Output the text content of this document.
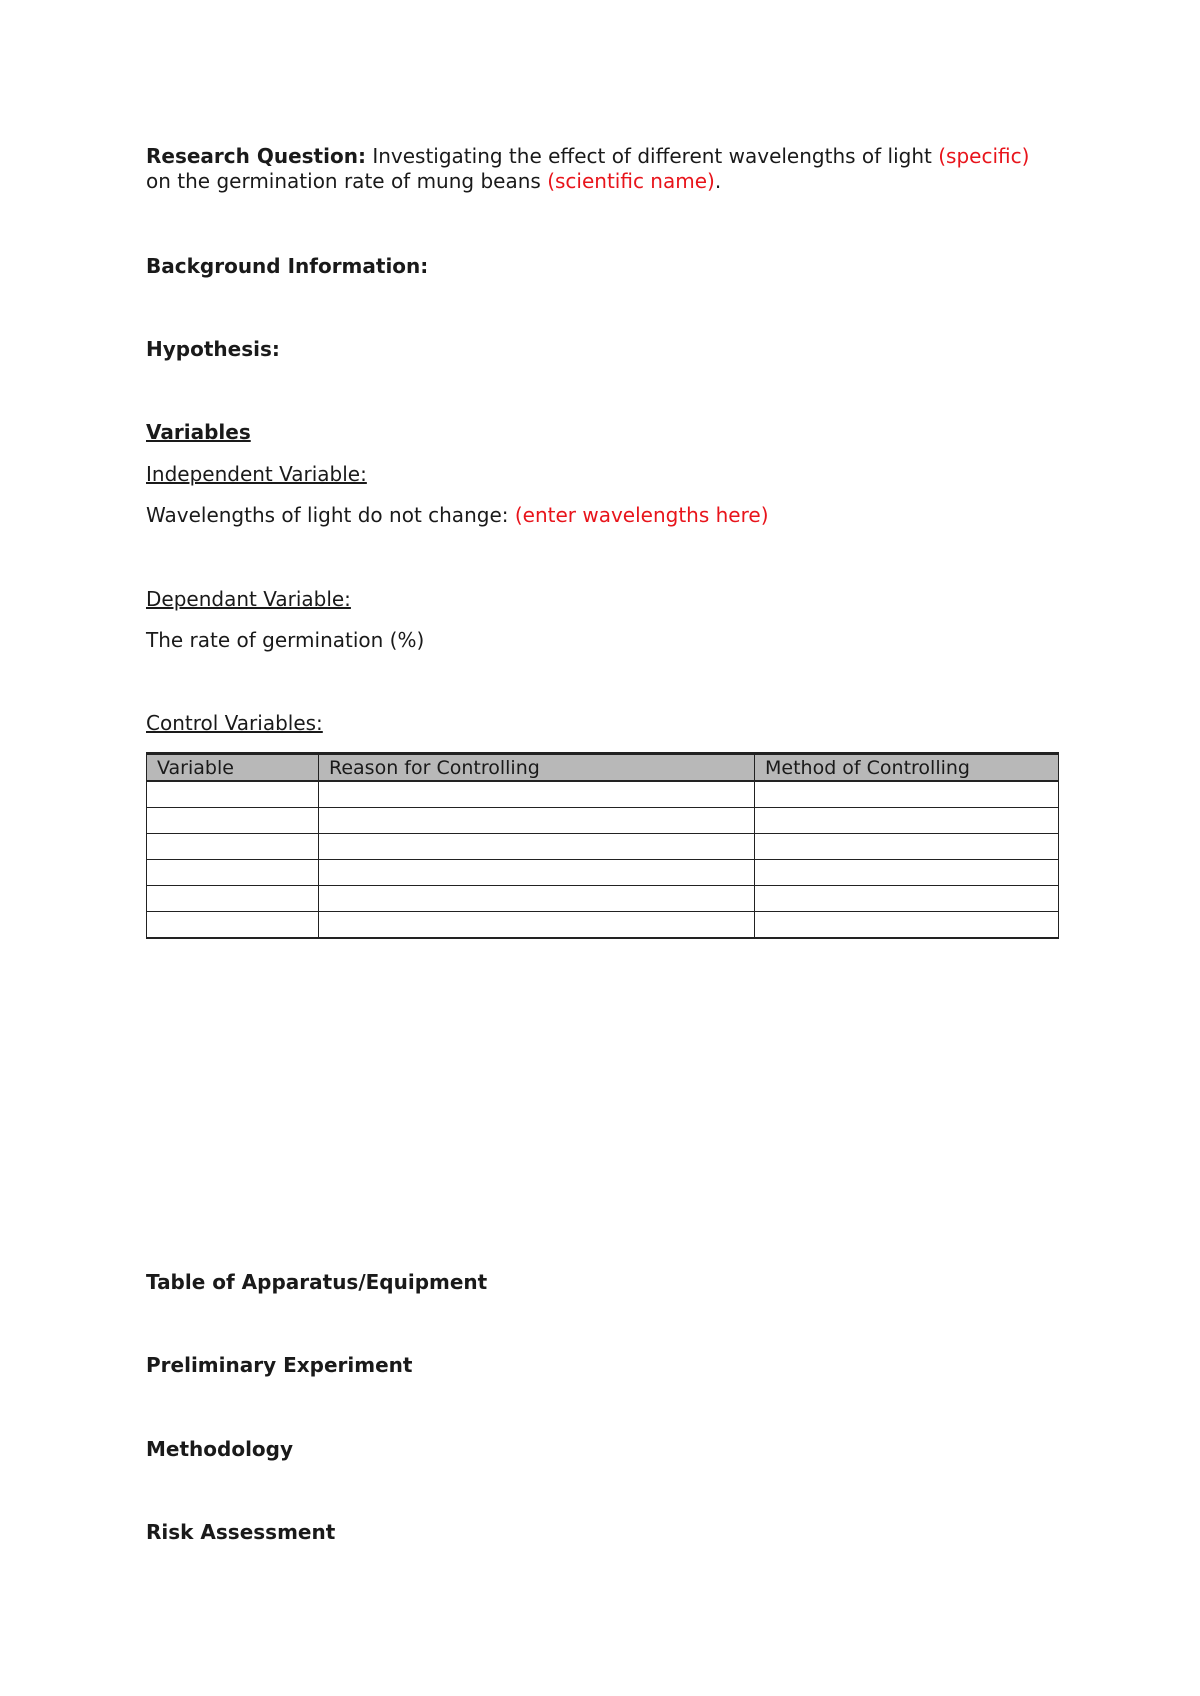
Research Question: Investigating the effect of different wavelengths of light (specific)
on the germination rate of mung beans (scientific name).
Background Information:
Hypothesis:
Variables
Independent Variable:
Wavelengths of light do not change: (enter wavelengths here)
Dependant Variable:
The rate of germination (%)
Control Variables:
Variable	Reason for Controlling	Method of Controlling

Table of Apparatus/Equipment
Preliminary Experiment
Methodology
Risk Assessment
